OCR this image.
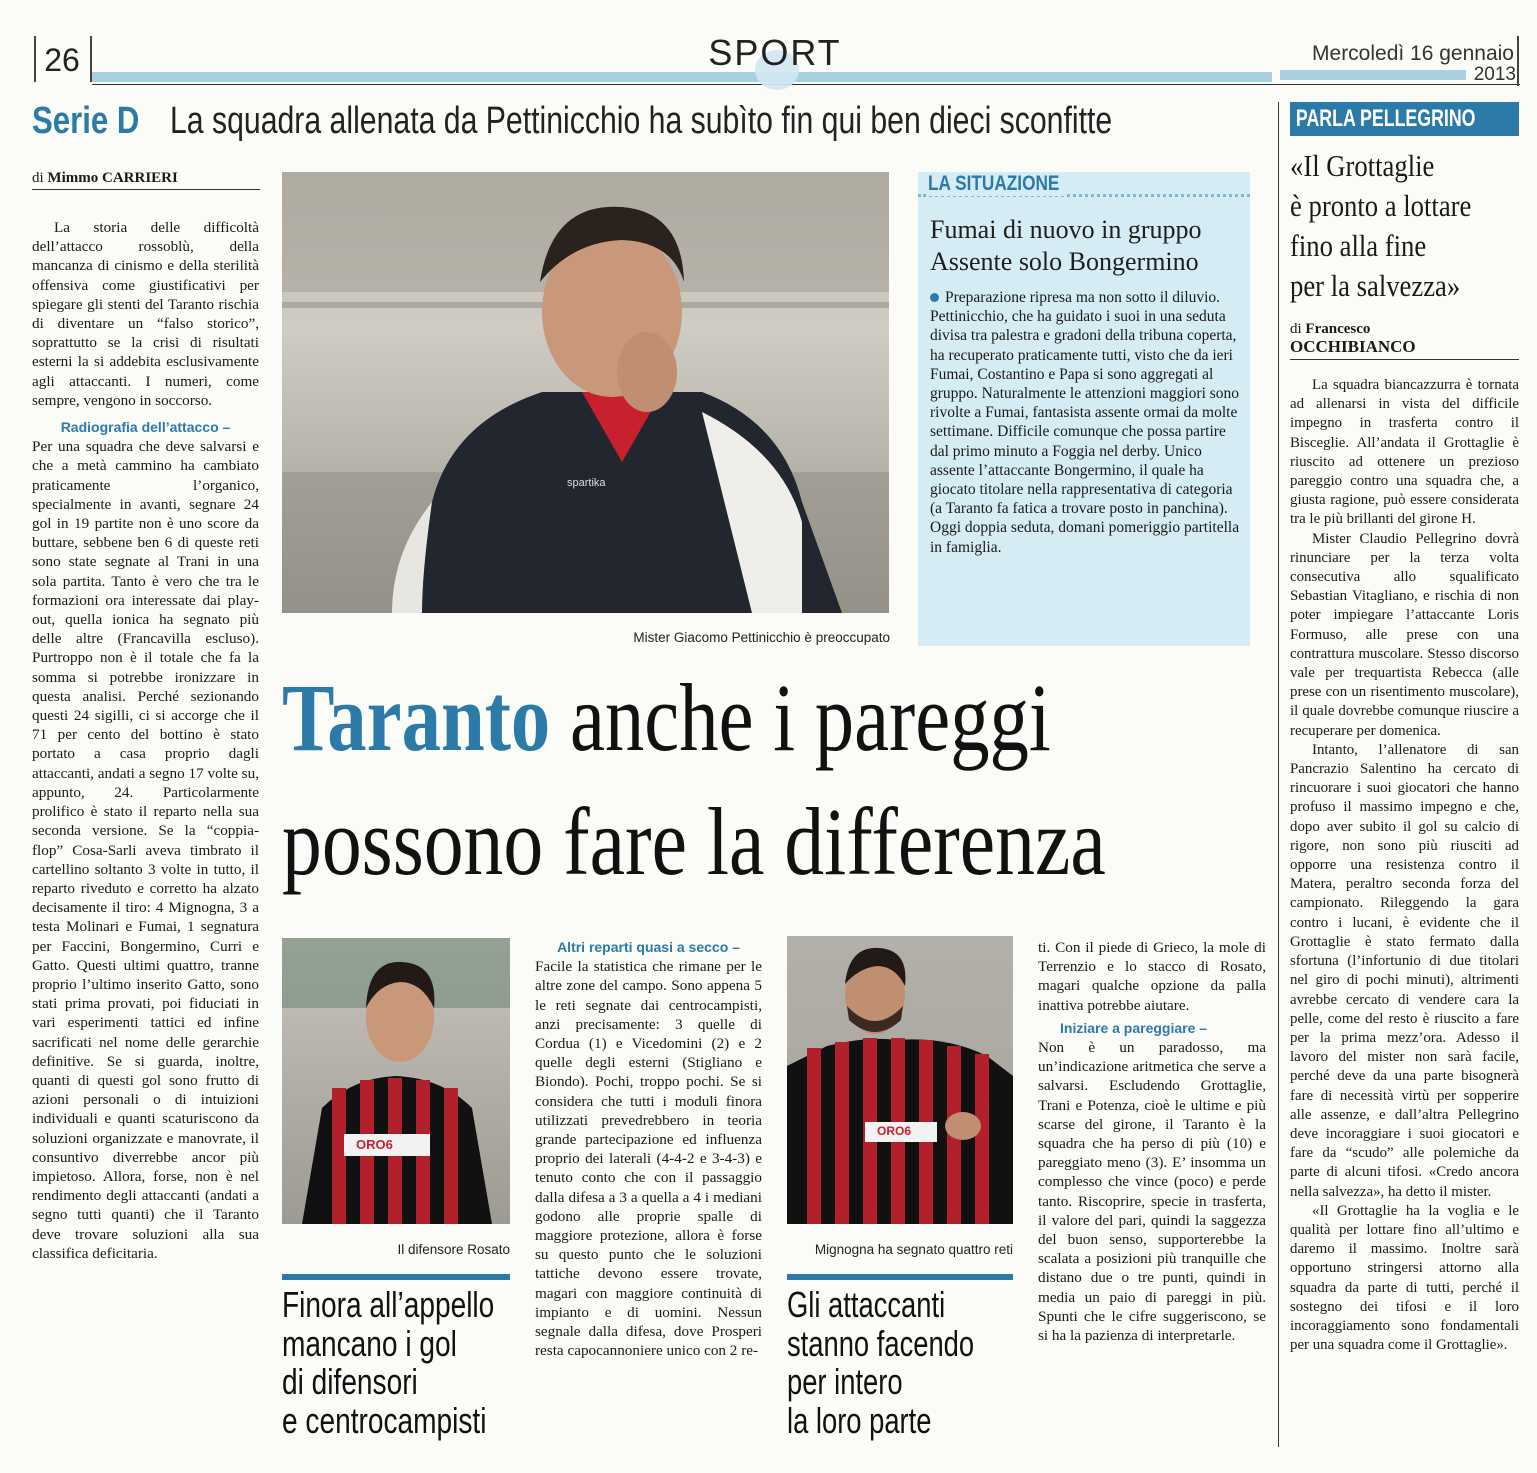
26	SPORT	Mercoledì 16 gennaio
2013
Serie D La squadra allenata da Pettinicchio ha subìto fin qui ben dieci sconfitte
di Mimmo CARRIERI

La storia delle difficoltà dell’attacco rossoblù, della mancanza di cinismo e della sterilità offensiva come giustificativi per spiegare gli stenti del Taranto rischia di diventare un “falso storico”, soprattutto se la crisi di risultati esterni la si addebita esclusivamente agli attaccanti. I numeri, come sempre, vengono in soccorso.

Radiografia dell’attacco –

Per una squadra che deve salvarsi e che a metà cammino ha cambiato praticamente l’organico, specialmente in avanti, segnare 24 gol in 19 partite non è uno score da buttare, sebbene ben 6 di queste reti sono state segnate al Trani in una sola partita. Tanto è vero che tra le formazioni ora interessate dai play-out, quella ionica ha segnato più delle altre (Francavilla escluso). Purtroppo non è il totale che fa la somma si potrebbe ironizzare in questa analisi. Perché sezionando questi 24 sigilli, ci si accorge che il 71 per cento del bottino è stato portato a casa proprio dagli attaccanti, andati a segno 17 volte su, appunto, 24. Particolarmente prolifico è stato il reparto nella sua seconda versione. Se la “coppia-flop” Cosa-Sarli aveva timbrato il cartellino soltanto 3 volte in tutto, il reparto riveduto e corretto ha alzato decisamente il tiro: 4 Mignogna, 3 a testa Molinari e Fumai, 1 segnatura per Faccini, Bongermino, Curri e Gatto. Questi ultimi quattro, tranne proprio l’ultimo inserito Gatto, sono stati prima provati, poi fiduciati in vari esperimenti tattici ed infine sacrificati nel nome delle gerarchie definitive. Se si guarda, inoltre, quanti di questi gol sono frutto di azioni personali o di intuizioni individuali e quanti scaturiscono da soluzioni organizzate e manovrate, il consuntivo diverrebbe ancor più impietoso. Allora, forse, non è nel rendimento degli attaccanti (andati a segno tutti quanti) che il Taranto deve trovare soluzioni alla sua classifica deficitaria.

spartika
Mister Giacomo Pettinicchio è preoccupato
LA SITUAZIONE
Fumai di nuovo in gruppo
Assente solo Bongermino
Preparazione ripresa ma non sotto il diluvio. Pettinicchio, che ha guidato i suoi in una seduta divisa tra palestra e gradoni della tribuna coperta, ha recuperato praticamente tutti, visto che da ieri Fumai, Costantino e Papa si sono aggregati al gruppo. Naturalmente le attenzioni maggiori sono rivolte a Fumai, fantasista assente ormai da molte settimane. Difficile comunque che possa partire dal primo minuto a Foggia nel derby. Unico assente l’attaccante Bongermino, il quale ha giocato titolare nella rappresentativa di categoria (a Taranto fa fatica a trovare posto in panchina). Oggi doppia seduta, domani pomeriggio partitella in famiglia.
Taranto anche i pareggi
possono fare la differenza
ORO6
Il difensore Rosato
Finora all’appello
mancano i gol
di difensori
e centrocampisti
Altri reparti quasi a secco –

Facile la statistica che rimane per le altre zone del campo. Sono appena 5 le reti segnate dai centrocampisti, anzi precisamente: 3 quelle di Cordua (1) e Vicedomini (2) e 2 quelle degli esterni (Stigliano e Biondo). Pochi, troppo pochi. Se si considera che tutti i moduli finora utilizzati prevedrebbero in teoria grande partecipazione ed influenza proprio dei laterali (4-4-2 e 3-4-3) e tenuto conto che con il passaggio dalla difesa a 3 a quella a 4 i mediani godono alle proprie spalle di maggiore protezione, allora è forse su questo punto che le soluzioni tattiche devono essere trovate, magari con maggiore continuità di impianto e di uomini. Nessun segnale dalla difesa, dove Prosperi resta capocannoniere unico con 2 re-

ORO6
Mignogna ha segnato quattro reti
Gli attaccanti
stanno facendo
per intero
la loro parte

ti. Con il piede di Grieco, la mole di Terrenzio e lo stacco di Rosato, magari qualche opzione da palla inattiva potrebbe aiutare.

Iniziare a pareggiare –

Non è un paradosso, ma un’indicazione aritmetica che serve a salvarsi. Escludendo Grottaglie, Trani e Potenza, cioè le ultime e più scarse del girone, il Taranto è la squadra che ha perso di più (10) e pareggiato meno (3). E’ insomma un complesso che vince (poco) e perde tanto. Riscoprire, specie in trasferta, il valore del pari, quindi la saggezza del buon senso, supporterebbe la scalata a posizioni più tranquille che distano due o tre punti, quindi in media un paio di pareggi in più. Spunti che le cifre suggeriscono, se si ha la pazienza di interpretarle.

PARLA PELLEGRINO
«Il Grottaglie
è pronto a lottare
fino alla fine
per la salvezza»
di Francesco
OCCHIBIANCO

La squadra biancazzurra è tornata ad allenarsi in vista del difficile impegno in trasferta contro il Bisceglie. All’andata il Grottaglie è riuscito ad ottenere un prezioso pareggio contro una squadra che, a giusta ragione, può essere considerata tra le più brillanti del girone H.

Mister Claudio Pellegrino dovrà rinunciare per la terza volta consecutiva allo squalificato Sebastian Vitagliano, e rischia di non poter impiegare l’attaccante Loris Formuso, alle prese con una contrattura muscolare. Stesso discorso vale per trequartista Rebecca (alle prese con un risentimento muscolare), il quale dovrebbe comunque riuscire a recuperare per domenica.

Intanto, l’allenatore di san Pancrazio Salentino ha cercato di rincuorare i suoi giocatori che hanno profuso il massimo impegno e che, dopo aver subito il gol su calcio di rigore, non sono più riusciti ad opporre una resistenza contro il Matera, peraltro seconda forza del campionato. Rileggendo la gara contro i lucani, è evidente che il Grottaglie è stato fermato dalla sfortuna (l’infortunio di due titolari nel giro di pochi minuti), altrimenti avrebbe cercato di vendere cara la pelle, come del resto è riuscito a fare per la prima mezz’ora. Adesso il lavoro del mister non sarà facile, perché deve da una parte bisognerà fare di necessità virtù per sopperire alle assenze, e dall’altra Pellegrino deve incoraggiare i suoi giocatori e fare da “scudo” alle polemiche da parte di alcuni tifosi. «Credo ancora nella salvezza», ha detto il mister.

«Il Grottaglie ha la voglia e le qualità per lottare fino all’ultimo e daremo il massimo. Inoltre sarà opportuno stringersi attorno alla squadra da parte di tutti, perché il sostegno dei tifosi e il loro incoraggiamento sono fondamentali per una squadra come il Grottaglie».
